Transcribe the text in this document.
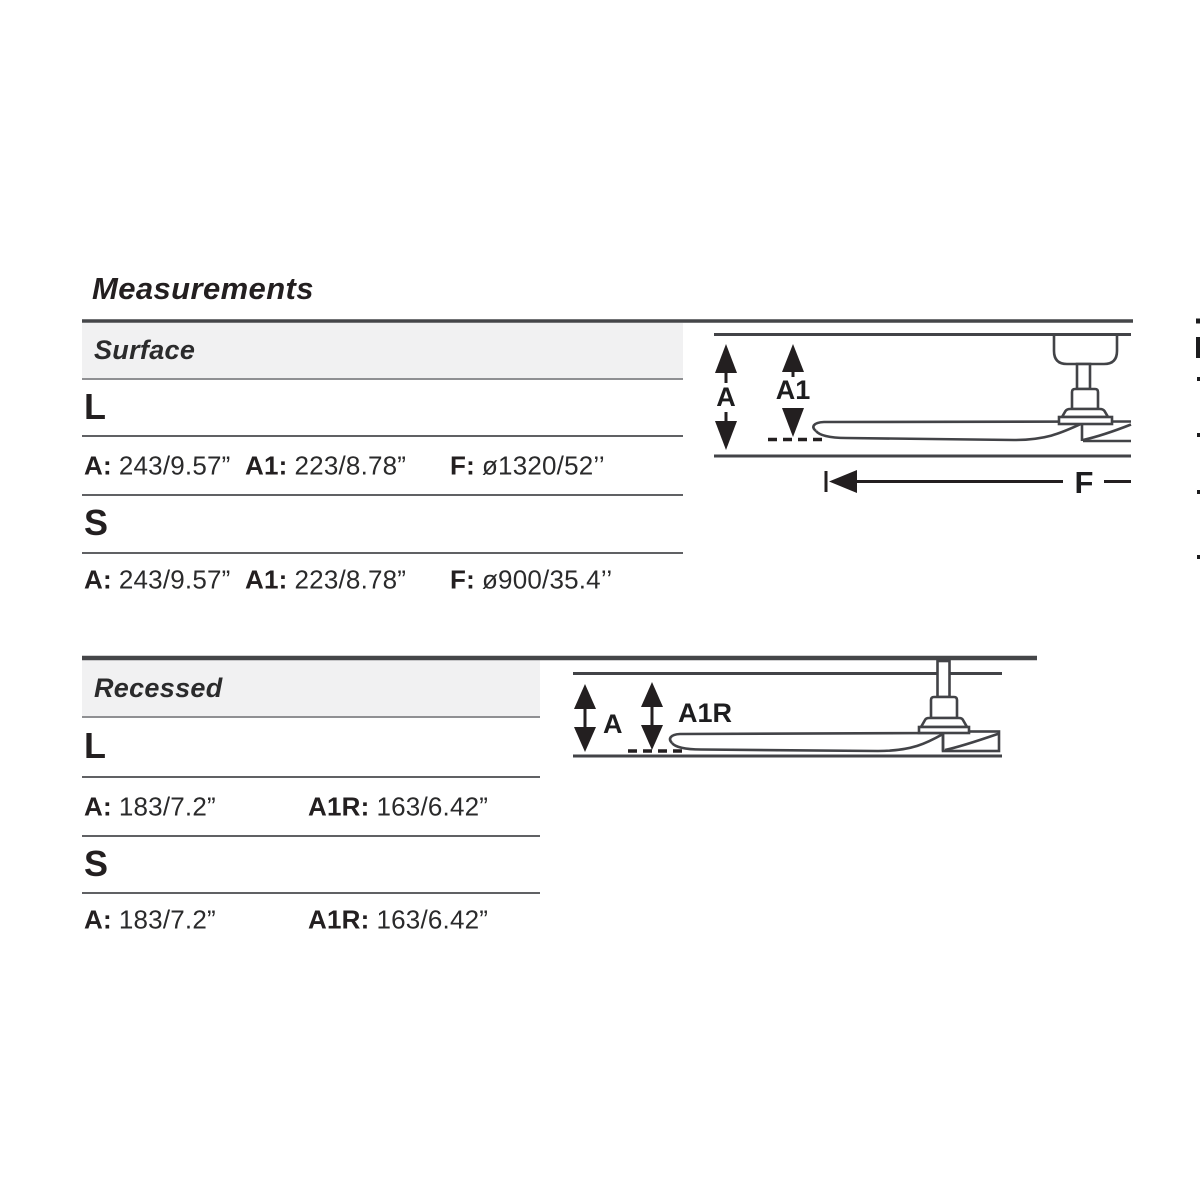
Measurements
Surface
L
A: 243/9.57” A1: 223/8.78” F: ø1320/52’’
S
A: 243/9.57” A1: 223/8.78” F: ø900/35.4’’
Recessed
L
A: 183/7.2”	A1R: 163/6.42”
S
A: 183/7.2”	A1R: 163/6.42”
A A1
F
A A1R
